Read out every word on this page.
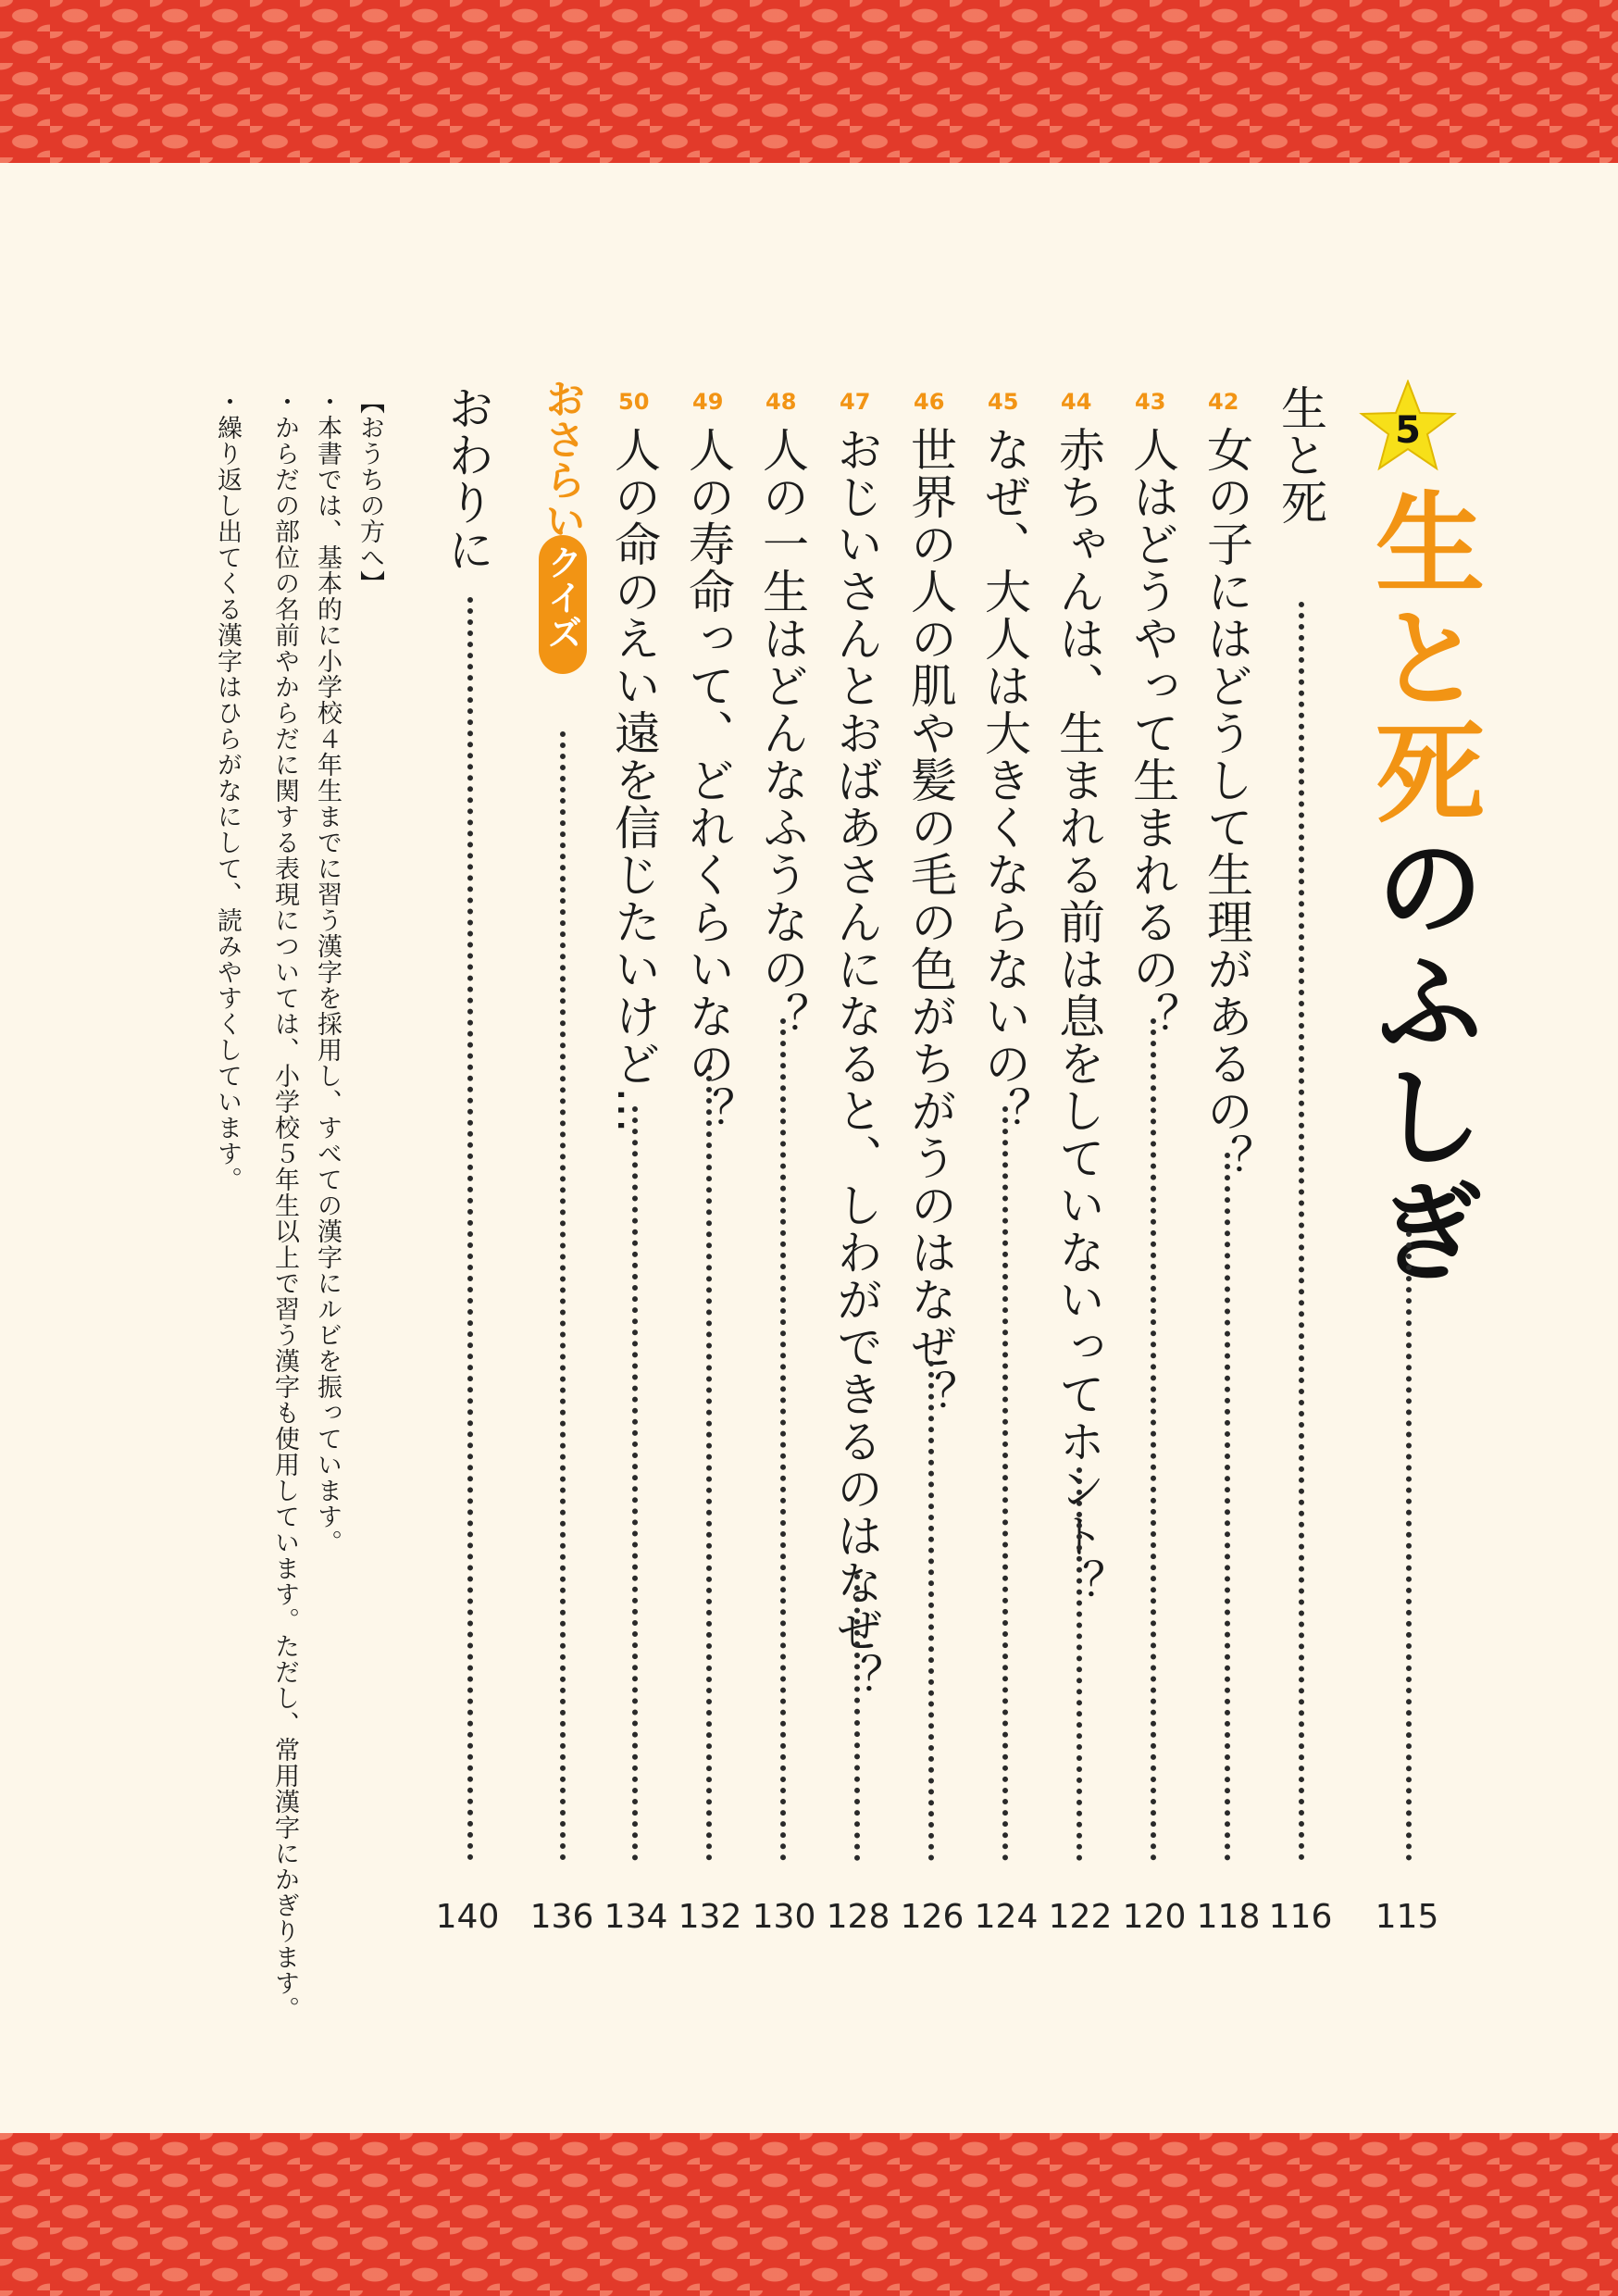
5
生と死のふしぎ
115
生と死
116
42
女の子にはどうして生理があるの？
118
43
人はどうやって生まれるの？
120
44
赤ちゃんは、生まれる前は息をしていないってホント？
122
45
なぜ、大人は大きくならないの？
124
46
世界の人の肌や髪の毛の色がちがうのはなぜ？
126
47
おじいさんとおばあさんになると、しわができるのはなぜ？
128
48
人の一生はどんなふうなの？
130
49
人の寿命って、どれくらいなの？
132
50
人の命のえい遠を信じたいけど…
134
おさらい
クイズ
136
おわりに
140
【おうちの方へ】
・本書では、基本的に小学校４年生までに習う漢字を採用し、すべての漢字にルビを振っています。
・からだの部位の名前やからだに関する表現については、小学校５年生以上で習う漢字も使用しています。ただし、常用漢字にかぎります。
・繰り返し出てくる漢字はひらがなにして、読みやすくしています。
